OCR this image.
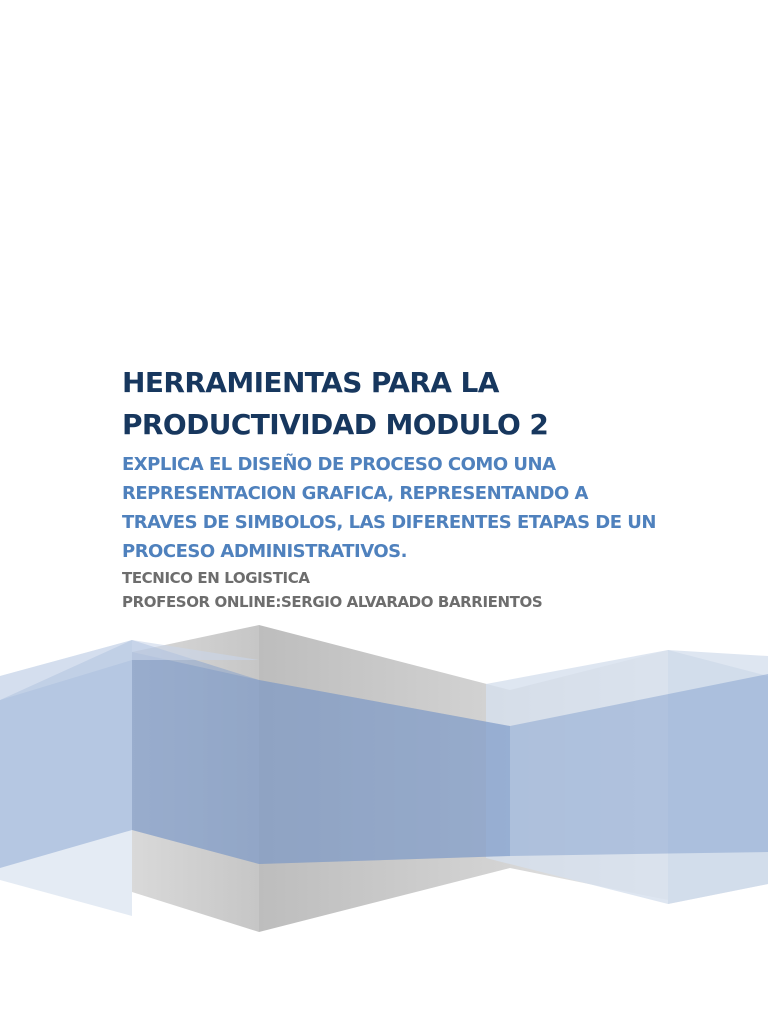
HERRAMIENTAS PARA LA

PRODUCTIVIDAD MODULO 2

EXPLICA EL DISEÑO DE PROCESO COMO UNA

REPRESENTACION GRAFICA, REPRESENTANDO A

TRAVES DE SIMBOLOS, LAS DIFERENTES ETAPAS DE UN

PROCESO ADMINISTRATIVOS.

TECNICO EN LOGISTICA

PROFESOR ONLINE:SERGIO ALVARADO BARRIENTOS
